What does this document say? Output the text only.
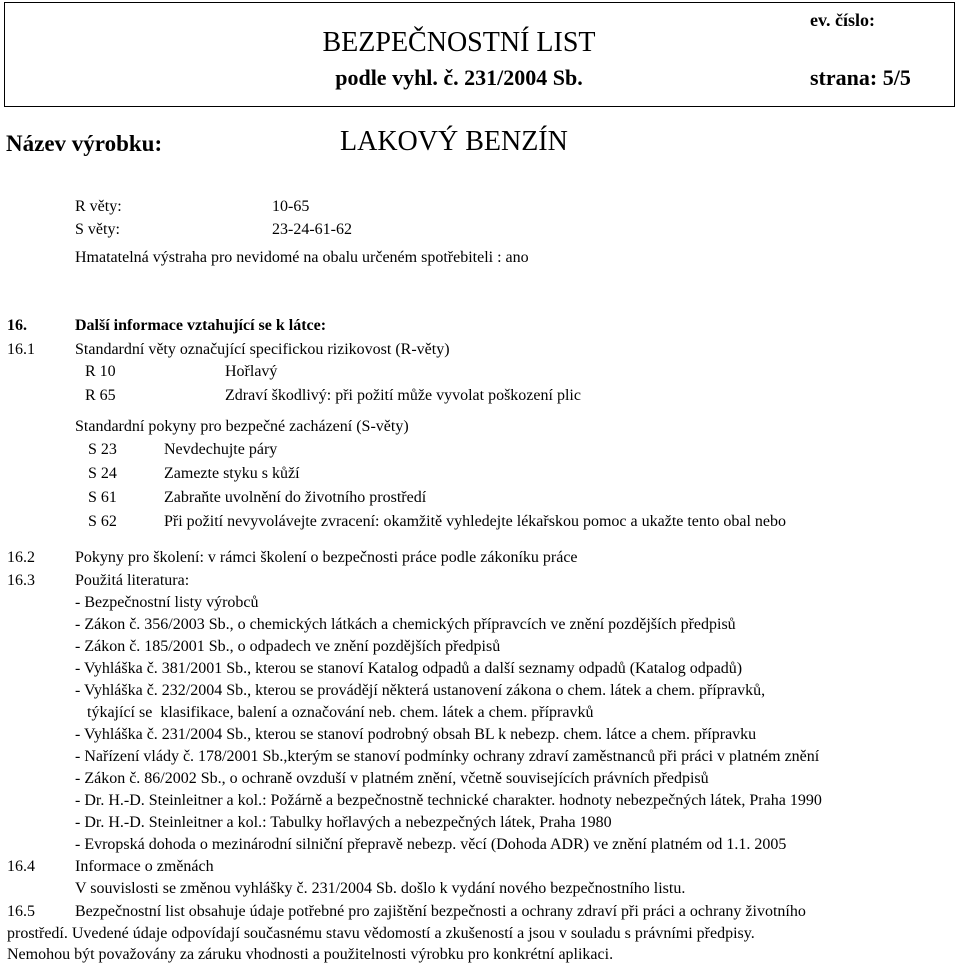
BEZPEČNOSTNÍ LIST
podle vyhl. č. 231/2004 Sb.
ev. číslo:
strana: 5/5
Název výrobku:	LAKOVÝ BENZÍN
R věty:	10-65
S věty:	23-24-61-62
Hmatatelná výstraha pro nevidomé na obalu určeném spotřebiteli : ano
16.	Další informace vztahující se k látce:
16.1	Standardní věty označující specifickou rizikovost (R-věty)
R 10	Hořlavý
R 65	Zdraví škodlivý: při požití může vyvolat poškození plic
Standardní pokyny pro bezpečné zacházení (S-věty)
S 23	Nevdechujte páry
S 24	Zamezte styku s kůží
S 61	Zabraňte uvolnění do životního prostředí
S 62	Při požití nevyvolávejte zvracení: okamžitě vyhledejte lékařskou pomoc a ukažte tento obal nebo
16.2	Pokyny pro školení: v rámci školení o bezpečnosti práce podle zákoníku práce
16.3	Použitá literatura:
- Bezpečnostní listy výrobců
- Zákon č. 356/2003 Sb., o chemických látkách a chemických přípravcích ve znění pozdějších předpisů
- Zákon č. 185/2001 Sb., o odpadech ve znění pozdějších předpisů
- Vyhláška č. 381/2001 Sb., kterou se stanoví Katalog odpadů a další seznamy odpadů (Katalog odpadů)
- Vyhláška č. 232/2004 Sb., kterou se provádějí některá ustanovení zákona o chem. látek a chem. přípravků,
týkající se  klasifikace, balení a označování neb. chem. látek a chem. přípravků
- Vyhláška č. 231/2004 Sb., kterou se stanoví podrobný obsah BL k nebezp. chem. látce a chem. přípravku
- Nařízení vlády č. 178/2001 Sb.,kterým se stanoví podmínky ochrany zdraví zaměstnanců při práci v platném znění
- Zákon č. 86/2002 Sb., o ochraně ovzduší v platném znění, včetně souvisejících právních předpisů
- Dr. H.-D. Steinleitner a kol.: Požárně a bezpečnostně technické charakter. hodnoty nebezpečných látek, Praha 1990
- Dr. H.-D. Steinleitner a kol.: Tabulky hořlavých a nebezpečných látek, Praha 1980
- Evropská dohoda o mezinárodní silniční přepravě nebezp. věcí (Dohoda ADR) ve znění platném od 1.1. 2005
16.4	Informace o změnách
V souvislosti se změnou vyhlášky č. 231/2004 Sb. došlo k vydání nového bezpečnostního listu.
16.5	Bezpečnostní list obsahuje údaje potřebné pro zajištění bezpečnosti a ochrany zdraví při práci a ochrany životního
prostředí. Uvedené údaje odpovídají současnému stavu vědomostí a zkušeností a jsou v souladu s právními předpisy.
Nemohou být považovány za záruku vhodnosti a použitelnosti výrobku pro konkrétní aplikaci.
